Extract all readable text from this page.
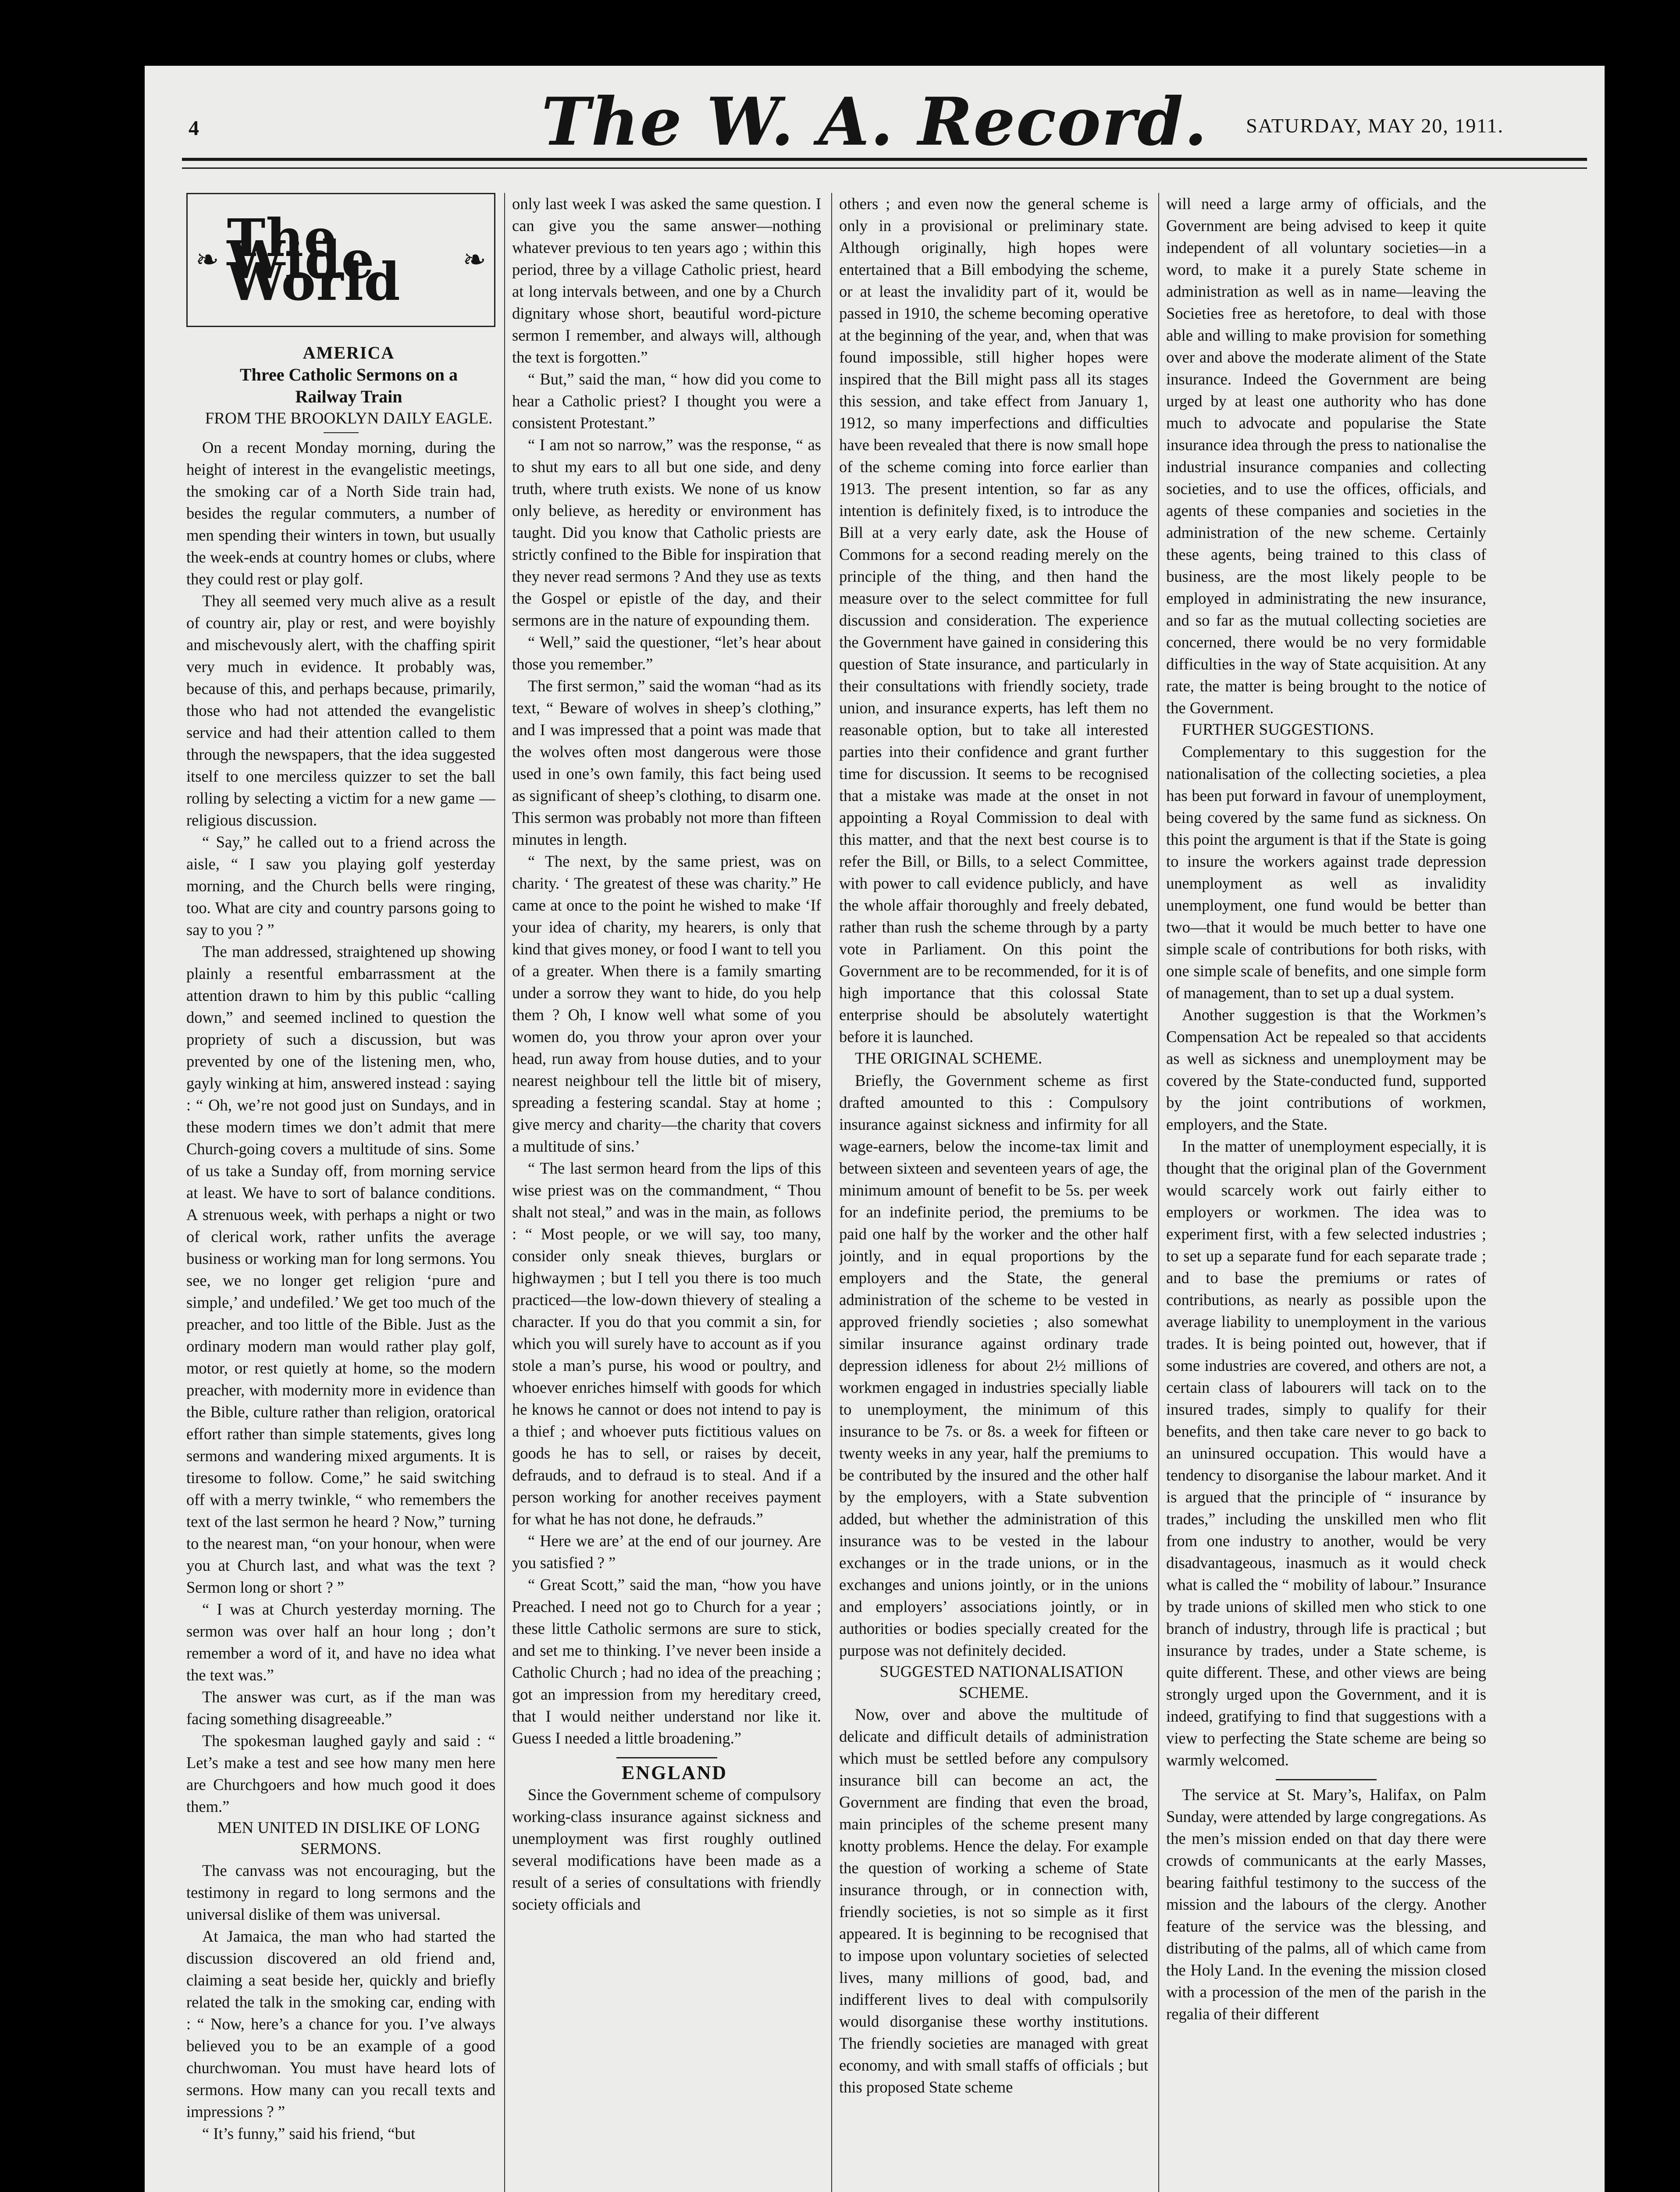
4	The W. A. Record.	SATURDAY, MAY 20, 1911.
❧ The Wide World	❧

AMERICA

Three Catholic Sermons on a

Railway Train

FROM THE BROOKLYN DAILY EAGLE.

On a recent Monday morning, during the height of interest in the evangelistic meetings, the smoking car of a North Side train had, besides the regular commuters, a number of men spending their winters in town, but usually the week-ends at country homes or clubs, where they could rest or play golf.

They all seemed very much alive as a result of country air, play or rest, and were boyishly and mischevously alert, with the chaffing spirit very much in evidence. It probably was, because of this, and perhaps because, primarily, those who had not attended the evangelistic service and had their attention called to them through the newspapers, that the idea suggested itself to one merciless quizzer to set the ball rolling by selecting a victim for a new game —religious discussion.

“ Say,” he called out to a friend across the aisle, “ I saw you playing golf yesterday morning, and the Church bells were ringing, too. What are city and country parsons going to say to you ? ”

The man addressed, straightened up showing plainly a resentful embarrassment at the attention drawn to him by this public “calling down,” and seemed inclined to question the propriety of such a discussion, but was prevented by one of the listening men, who, gayly winking at him, answered instead : saying : “ Oh, we’re not good just on Sundays, and in these modern times we don’t admit that mere Church-going covers a multitude of sins. Some of us take a Sunday off, from morning service at least. We have to sort of balance conditions. A strenuous week, with perhaps a night or two of clerical work, rather unfits the average business or working man for long sermons. You see, we no longer get religion ‘pure and simple,’ and undefiled.’ We get too much of the preacher, and too little of the Bible. Just as the ordinary modern man would rather play golf, motor, or rest quietly at home, so the modern preacher, with modernity more in evidence than the Bible, culture rather than religion, oratorical effort rather than simple statements, gives long sermons and wandering mixed arguments. It is tiresome to follow. Come,” he said switching off with a merry twinkle, “ who remembers the text of the last sermon he heard ? Now,” turning to the nearest man, “on your honour, when were you at Church last, and what was the text ? Sermon long or short ? ”

“ I was at Church yesterday morning. The sermon was over half an hour long ; don’t remember a word of it, and have no idea what the text was.”

The answer was curt, as if the man was facing something disagreeable.”

The spokesman laughed gayly and said : “ Let’s make a test and see how many men here are Churchgoers and how much good it does them.”

MEN UNITED IN DISLIKE OF LONG SERMONS.

The canvass was not encouraging, but the testimony in regard to long sermons and the universal dislike of them was universal.

At Jamaica, the man who had started the discussion discovered an old friend and, claiming a seat beside her, quickly and briefly related the talk in the smoking car, ending with : “ Now, here’s a chance for you. I’ve always believed you to be an example of a good churchwoman. You must have heard lots of sermons. How many can you recall texts and impressions ? ”

“ It’s funny,” said his friend, “but

only last week I was asked the same question. I can give you the same answer—nothing whatever previous to ten years ago ; within this period, three by a village Catholic priest, heard at long intervals between, and one by a Church dignitary whose short, beautiful word-picture sermon I remember, and always will, although the text is forgotten.”

“ But,” said the man, “ how did you come to hear a Catholic priest? I thought you were a consistent Protestant.”

“ I am not so narrow,” was the response, “ as to shut my ears to all but one side, and deny truth, where truth exists. We none of us know only believe, as heredity or environment has taught. Did you know that Catholic priests are strictly confined to the Bible for inspiration that they never read sermons ? And they use as texts the Gospel or epistle of the day, and their sermons are in the nature of expounding them.

“ Well,” said the questioner, “let’s hear about those you remember.”

The first sermon,” said the woman “had as its text, “ Beware of wolves in sheep’s clothing,” and I was impressed that a point was made that the wolves often most dangerous were those used in one’s own family, this fact being used as significant of sheep’s clothing, to disarm one. This sermon was probably not more than fifteen minutes in length.

“ The next, by the same priest, was on charity. ‘ The greatest of these was charity.” He came at once to the point he wished to make ‘If your idea of charity, my hearers, is only that kind that gives money, or food I want to tell you of a greater. When there is a family smarting under a sorrow they want to hide, do you help them ? Oh, I know well what some of you women do, you throw your apron over your head, run away from house duties, and to your nearest neighbour tell the little bit of misery, spreading a festering scandal. Stay at home ; give mercy and charity—the charity that covers a multitude of sins.’

“ The last sermon heard from the lips of this wise priest was on the commandment, “ Thou shalt not steal,” and was in the main, as follows : “ Most people, or we will say, too many, consider only sneak thieves, burglars or highwaymen ; but I tell you there is too much practiced—the low-down thievery of stealing a character. If you do that you commit a sin, for which you will surely have to account as if you stole a man’s purse, his wood or poultry, and whoever enriches himself with goods for which he knows he cannot or does not intend to pay is a thief ; and whoever puts fictitious values on goods he has to sell, or raises by deceit, defrauds, and to defraud is to steal. And if a person working for another receives payment for what he has not done, he defrauds.”

“ Here we are’ at the end of our journey. Are you satisfied ? ”

“ Great Scott,” said the man, “how you have Preached. I need not go to Church for a year ; these little Catholic sermons are sure to stick, and set me to thinking. I’ve never been inside a Catholic Church ; had no idea of the preaching ; got an impression from my hereditary creed, that I would neither understand nor like it. Guess I needed a little broadening.”

ENGLAND

Since the Government scheme of compulsory working-class insurance against sickness and unemployment was first roughly outlined several modifications have been made as a result of a series of consultations with friendly society officials and

others ; and even now the general scheme is only in a provisional or preliminary state. Although originally, high hopes were entertained that a Bill embodying the scheme, or at least the invalidity part of it, would be passed in 1910, the scheme becoming operative at the beginning of the year, and, when that was found impossible, still higher hopes were inspired that the Bill might pass all its stages this session, and take effect from January 1, 1912, so many imperfections and difficulties have been revealed that there is now small hope of the scheme coming into force earlier than 1913. The present intention, so far as any intention is definitely fixed, is to introduce the Bill at a very early date, ask the House of Commons for a second reading merely on the principle of the thing, and then hand the measure over to the select committee for full discussion and consideration. The experience the Government have gained in considering this question of State insurance, and particularly in their consultations with friendly society, trade union, and insurance experts, has left them no reasonable option, but to take all interested parties into their confidence and grant further time for discussion. It seems to be recognised that a mistake was made at the onset in not appointing a Royal Commission to deal with this matter, and that the next best course is to refer the Bill, or Bills, to a select Committee, with power to call evidence publicly, and have the whole affair thoroughly and freely debated, rather than rush the scheme through by a party vote in Parliament. On this point the Government are to be recommended, for it is of high importance that this colossal State enterprise should be absolutely watertight before it is launched.

THE ORIGINAL SCHEME.

Briefly, the Government scheme as first drafted amounted to this : Compulsory insurance against sickness and infirmity for all wage-earners, below the income-tax limit and between sixteen and seventeen years of age, the minimum amount of benefit to be 5s. per week for an indefinite period, the premiums to be paid one half by the worker and the other half jointly, and in equal proportions by the employers and the State, the general administration of the scheme to be vested in approved friendly societies ; also somewhat similar insurance against ordinary trade depression idleness for about 2½ millions of workmen engaged in industries specially liable to unemployment, the minimum of this insurance to be 7s. or 8s. a week for fifteen or twenty weeks in any year, half the premiums to be contributed by the insured and the other half by the employers, with a State subvention added, but whether the administration of this insurance was to be vested in the labour exchanges or in the trade unions, or in the exchanges and unions jointly, or in the unions and employers’ associations jointly, or in authorities or bodies specially created for the purpose was not definitely decided.

SUGGESTED NATIONALISATION SCHEME.

Now, over and above the multitude of delicate and difficult details of administration which must be settled before any compulsory insurance bill can become an act, the Government are finding that even the broad, main principles of the scheme present many knotty problems. Hence the delay. For example the question of working a scheme of State insurance through, or in connection with, friendly societies, is not so simple as it first appeared. It is beginning to be recognised that to impose upon voluntary societies of selected lives, many millions of good, bad, and indifferent lives to deal with compulsorily would disorganise these worthy institutions. The friendly societies are managed with great economy, and with small staffs of officials ; but this proposed State scheme

will need a large army of officials, and the Government are being advised to keep it quite independent of all voluntary societies—in a word, to make it a purely State scheme in administration as well as in name—leaving the Societies free as heretofore, to deal with those able and willing to make provision for something over and above the moderate aliment of the State insurance. Indeed the Government are being urged by at least one authority who has done much to advocate and popularise the State insurance idea through the press to nationalise the industrial insurance companies and collecting societies, and to use the offices, officials, and agents of these companies and societies in the administration of the new scheme. Certainly these agents, being trained to this class of business, are the most likely people to be employed in administrating the new insurance, and so far as the mutual collecting societies are concerned, there would be no very formidable difficulties in the way of State acquisition. At any rate, the matter is being brought to the notice of the Government.

FURTHER SUGGESTIONS.

Complementary to this suggestion for the nationalisation of the collecting societies, a plea has been put forward in favour of unemployment, being covered by the same fund as sickness. On this point the argument is that if the State is going to insure the workers against trade depression unemployment as well as invalidity unemployment, one fund would be better than two—that it would be much better to have one simple scale of contributions for both risks, with one simple scale of benefits, and one simple form of management, than to set up a dual system.

Another suggestion is that the Workmen’s Compensation Act be repealed so that accidents as well as sickness and unemployment may be covered by the State-conducted fund, supported by the joint contributions of workmen, employers, and the State.

In the matter of unemployment especially, it is thought that the original plan of the Government would scarcely work out fairly either to employers or workmen. The idea was to experiment first, with a few selected industries ; to set up a separate fund for each separate trade ; and to base the premiums or rates of contributions, as nearly as possible upon the average liability to unemployment in the various trades. It is being pointed out, however, that if some industries are covered, and others are not, a certain class of labourers will tack on to the insured trades, simply to qualify for their benefits, and then take care never to go back to an uninsured occupation. This would have a tendency to disorganise the labour market. And it is argued that the principle of “ insurance by trades,” including the unskilled men who flit from one industry to another, would be very disadvantageous, inasmuch as it would check what is called the “ mobility of labour.” Insurance by trade unions of skilled men who stick to one branch of industry, through life is practical ; but insurance by trades, under a State scheme, is quite different. These, and other views are being strongly urged upon the Government, and it is indeed, gratifying to find that suggestions with a view to perfecting the State scheme are being so warmly welcomed.

The service at St. Mary’s, Halifax, on Palm Sunday, were attended by large congregations. As the men’s mission ended on that day there were crowds of communicants at the early Masses, bearing faithful testimony to the success of the mission and the labours of the clergy. Another feature of the service was the blessing, and distributing of the palms, all of which came from the Holy Land. In the evening the mission closed with a procession of the men of the parish in the regalia of their different
